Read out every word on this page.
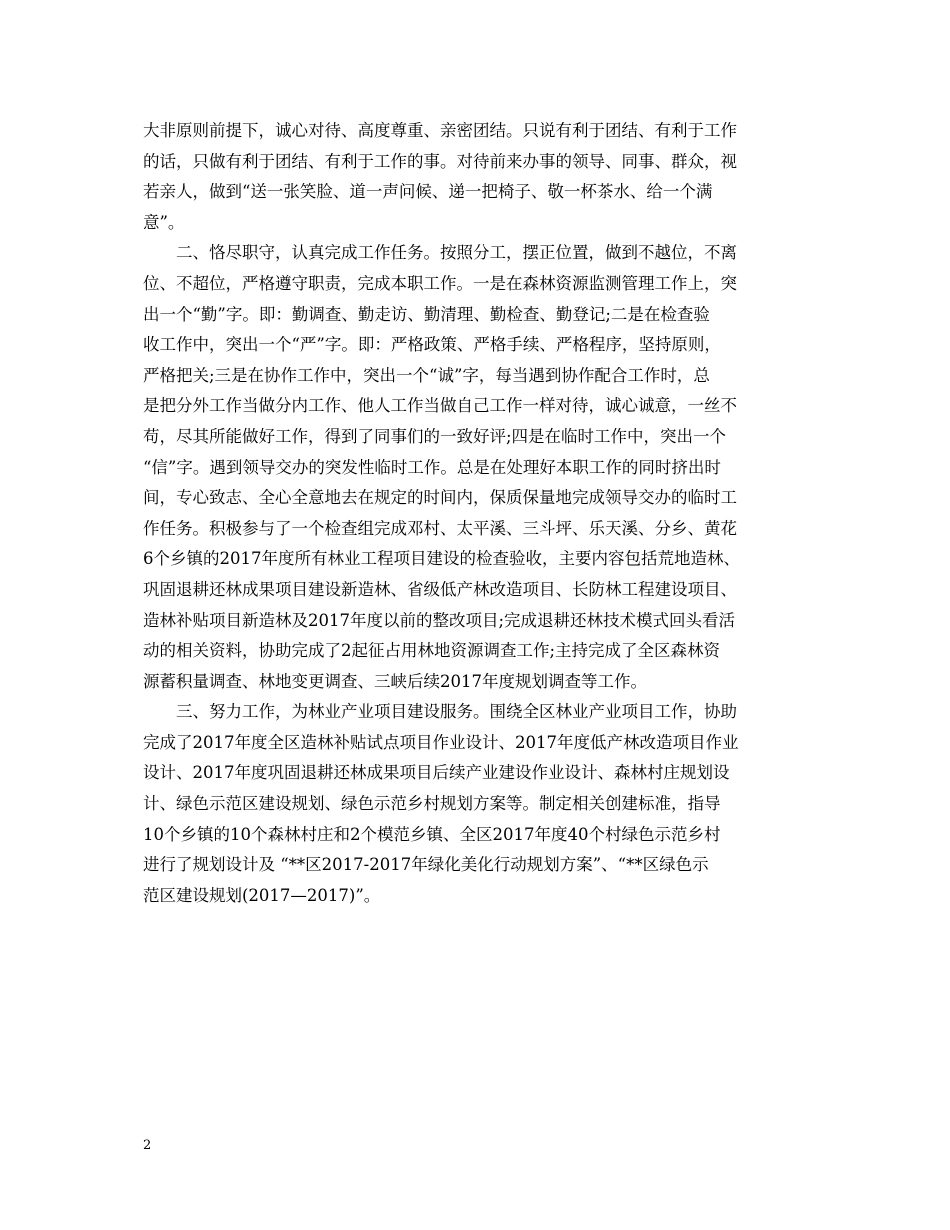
大非原则前提下，诚心对待、高度尊重、亲密团结。只说有利于团结、有利于工作
的话，只做有利于团结、有利于工作的事。对待前来办事的领导、同事、群众，视
若亲人，做到“送一张笑脸、道一声问候、递一把椅子、敬一杯茶水、给一个满
意”。
二、恪尽职守，认真完成工作任务。按照分工，摆正位置，做到不越位，不离
位、不超位，严格遵守职责，完成本职工作。一是在森林资源监测管理工作上，突
出一个“勤”字。即：勤调查、勤走访、勤清理、勤检查、勤登记;二是在检查验
收工作中，突出一个“严”字。即：严格政策、严格手续、严格程序，坚持原则，
严格把关;三是在协作工作中，突出一个“诚”字，每当遇到协作配合工作时，总
是把分外工作当做分内工作、他人工作当做自己工作一样对待，诚心诚意，一丝不
苟，尽其所能做好工作，得到了同事们的一致好评;四是在临时工作中，突出一个
“信”字。遇到领导交办的突发性临时工作。总是在处理好本职工作的同时挤出时
间，专心致志、全心全意地去在规定的时间内，保质保量地完成领导交办的临时工
作任务。积极参与了一个检查组完成邓村、太平溪、三斗坪、乐天溪、分乡、黄花
6个乡镇的2017年度所有林业工程项目建设的检查验收，主要内容包括荒地造林、
巩固退耕还林成果项目建设新造林、省级低产林改造项目、长防林工程建设项目、
造林补贴项目新造林及2017年度以前的整改项目;完成退耕还林技术模式回头看活
动的相关资料，协助完成了2起征占用林地资源调查工作;主持完成了全区森林资
源蓄积量调查、林地变更调查、三峡后续2017年度规划调查等工作。
三、努力工作，为林业产业项目建设服务。围绕全区林业产业项目工作，协助
完成了2017年度全区造林补贴试点项目作业设计、2017年度低产林改造项目作业
设计、2017年度巩固退耕还林成果项目后续产业建设作业设计、森林村庄规划设
计、绿色示范区建设规划、绿色示范乡村规划方案等。制定相关创建标准，指导
10个乡镇的10个森林村庄和2个模范乡镇、全区2017年度40个村绿色示范乡村
进行了规划设计及 “**区2017-2017年绿化美化行动规划方案”、“**区绿色示
范区建设规划(2017—2017)”。
2
